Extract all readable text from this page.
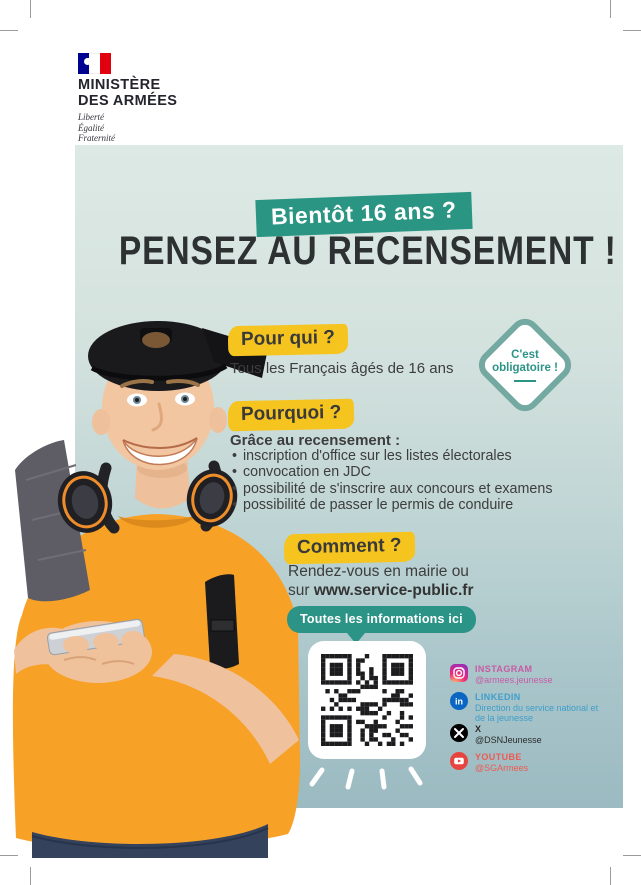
MINISTÈRE
DES ARMÉES
Liberté
Égalité
Fraternité
Bientôt 16 ans ?
PENSEZ AU RECENSEMENT !
Pour qui ?
Tous les Français âgés de 16 ans
C'est
obligatoire !
Pourquoi ?
Grâce au recensement :
• inscription d'office sur les listes électorales
• convocation en JDC
• possibilité de s'inscrire aux concours et examens
• possibilité de passer le permis de conduire
Comment ?
Rendez-vous en mairie ou
sur www.service-public.fr
Toutes les informations ici
INSTAGRAM
@armees.jeunesse
in LINKEDIN
Direction du service national et de la jeunesse
X
@DSNJeunesse
YOUTUBE
@SGArmees
